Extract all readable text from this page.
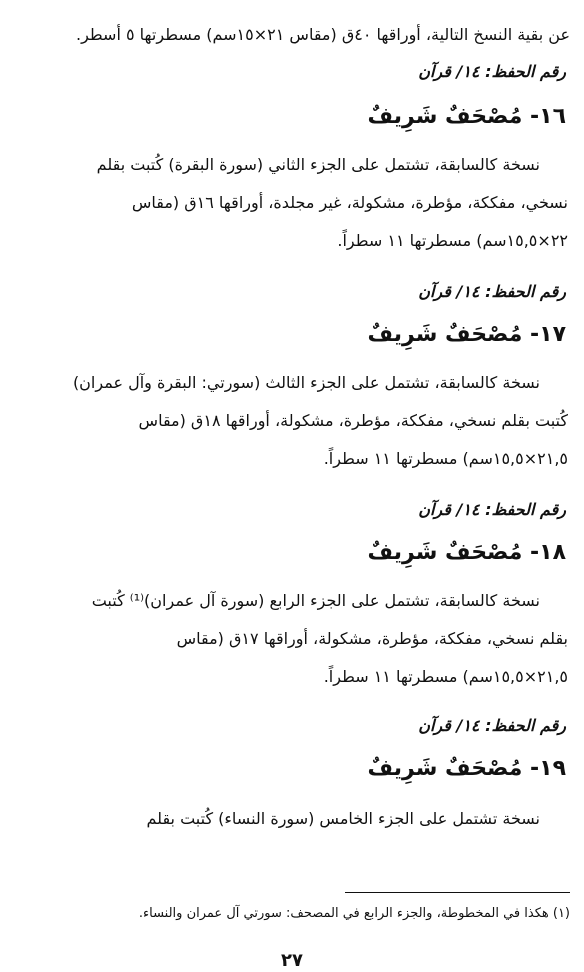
عن بقية النسخ التالية، أوراقها ٤٠ق (مقاس ٢١×١٥سم) مسطرتها ٥ أسطر.
رقم الحفظ: ١٤/ قرآن
١٦- مُصْحَفٌ شَرِيفٌ
نسخة كالسابقة، تشتمل على الجزء الثاني (سورة البقرة) كُتبت بقلم
نسخي، مفككة، مؤطرة، مشكولة، غير مجلدة، أوراقها ١٦ق (مقاس
٢٢×١٥,٥سم) مسطرتها ١١ سطراً.
رقم الحفظ: ١٤/ قرآن
١٧- مُصْحَفٌ شَرِيفٌ
نسخة كالسابقة، تشتمل على الجزء الثالث (سورتي: البقرة وآل عمران)
كُتبت بقلم نسخي، مفككة، مؤطرة، مشكولة، أوراقها ١٨ق (مقاس
٢١,٥×١٥,٥سم) مسطرتها ١١ سطراً.
رقم الحفظ: ١٤/ قرآن
١٨- مُصْحَفٌ شَرِيفٌ
نسخة كالسابقة، تشتمل على الجزء الرابع (سورة آل عمران)⁽¹⁾ كُتبت
بقلم نسخي، مفككة، مؤطرة، مشكولة، أوراقها ١٧ق (مقاس
٢١,٥×١٥,٥سم) مسطرتها ١١ سطراً.
رقم الحفظ: ١٤/ قرآن
١٩- مُصْحَفٌ شَرِيفٌ
نسخة تشتمل على الجزء الخامس (سورة النساء) كُتبت بقلم
(١) هكذا في المخطوطة، والجزء الرابع في المصحف: سورتي آل عمران والنساء.
٢٧
